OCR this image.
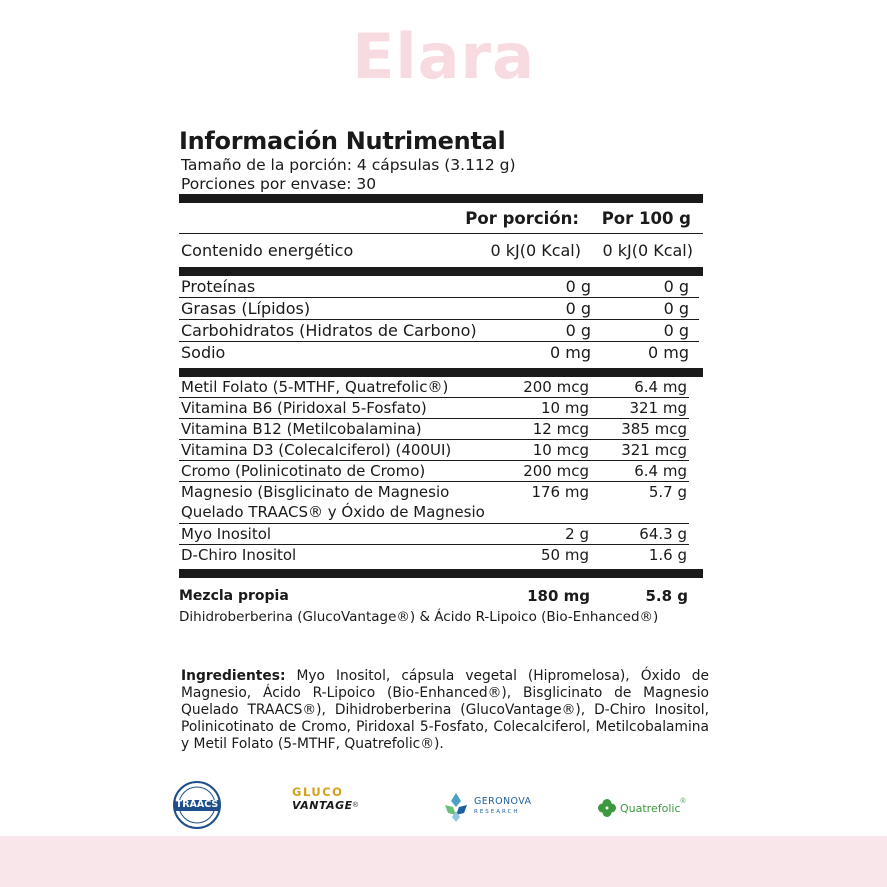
Elara
Información Nutrimental
Tamaño de la porción: 4 cápsulas (3.112 g)
Porciones por envase: 30
Por porción:	Por 100 g
Contenido energético	0 kJ(0 Kcal)	0 kJ(0 Kcal)
Proteínas	0 g	0 g
Grasas (Lípidos)	0 g	0 g
Carbohidratos (Hidratos de Carbono)	0 g	0 g
Sodio	0 mg	0 mg
Metil Folato (5-MTHF, Quatrefolic®)	200 mcg	6.4 mg
Vitamina B6 (Piridoxal 5-Fosfato)	10 mg	321 mg
Vitamina B12 (Metilcobalamina)	12 mcg	385 mcg
Vitamina D3 (Colecalciferol) (400UI)	10 mcg	321 mcg
Cromo (Polinicotinato de Cromo)	200 mcg	6.4 mg
Magnesio (Bisglicinato de Magnesio
Quelado TRAACS® y Óxido de Magnesio
176 mg	5.7 g
Myo Inositol	2 g	64.3 g
D-Chiro Inositol	50 mg	1.6 g
Mezcla propia	180 mg	5.8 g
Dihidroberberina (GlucoVantage®) & Ácido R-Lipoico (Bio-Enhanced®)
Ingredientes: Myo Inositol, cápsula vegetal (Hipromelosa), Óxido de Magnesio, Ácido R-Lipoico (Bio-Enhanced®), Bisglicinato de Magnesio Quelado TRAACS®), Dihidroberberina (GlucoVantage®), D-Chiro Inositol, Polinicotinato de Cromo, Piridoxal 5-Fosfato, Colecalciferol, Metilcobalamina y Metil Folato (5-MTHF, Quatrefolic®).
TRAACS
GLUCO
VANTAGE ®	GERONOVA
RESEARCH	Quatrefolic ®
